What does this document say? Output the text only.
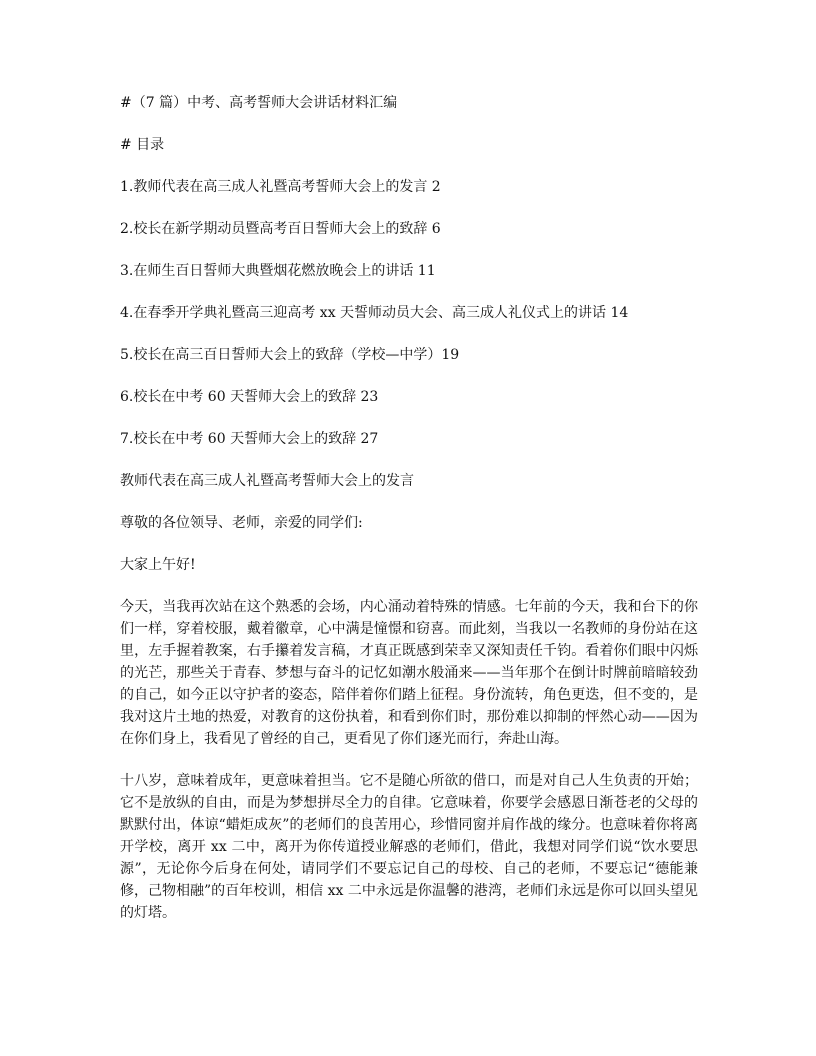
#（7 篇）中考、高考誓师大会讲话材料汇编

# 目录

1.教师代表在高三成人礼暨高考誓师大会上的发言 2

2.校长在新学期动员暨高考百日誓师大会上的致辞 6

3.在师生百日誓师大典暨烟花燃放晚会上的讲话 11

4.在春季开学典礼暨高三迎高考 xx 天誓师动员大会、高三成人礼仪式上的讲话 14

5.校长在高三百日誓师大会上的致辞（学校—中学）19

6.校长在中考 60 天誓师大会上的致辞 23

7.校长在中考 60 天誓师大会上的致辞 27

教师代表在高三成人礼暨高考誓师大会上的发言

尊敬的各位领导、老师，亲爱的同学们:

大家上午好!

今天，当我再次站在这个熟悉的会场，内心涌动着特殊的情感。七年前的今天，我和台下的你们一样，穿着校服，戴着徽章，心中满是憧憬和窃喜。而此刻，当我以一名教师的身份站在这里，左手握着教案，右手攥着发言稿，才真正既感到荣幸又深知责任千钧。看着你们眼中闪烁的光芒，那些关于青春、梦想与奋斗的记忆如潮水般涌来——当年那个在倒计时牌前暗暗较劲的自己，如今正以守护者的姿态，陪伴着你们踏上征程。身份流转，角色更迭，但不变的，是我对这片土地的热爱，对教育的这份执着，和看到你们时，那份难以抑制的怦然心动——因为在你们身上，我看见了曾经的自己，更看见了你们逐光而行，奔赴山海。

十八岁，意味着成年，更意味着担当。它不是随心所欲的借口，而是对自己人生负责的开始；它不是放纵的自由，而是为梦想拼尽全力的自律。它意味着，你要学会感恩日渐苍老的父母的默默付出，体谅“蜡炬成灰”的老师们的良苦用心，珍惜同窗并肩作战的缘分。也意味着你将离开学校，离开 xx 二中，离开为你传道授业解惑的老师们，借此，我想对同学们说“饮水要思源”，无论你今后身在何处，请同学们不要忘记自己的母校、自己的老师，不要忘记“德能兼修，己物相融”的百年校训，相信 xx 二中永远是你温馨的港湾，老师们永远是你可以回头望见的灯塔。
